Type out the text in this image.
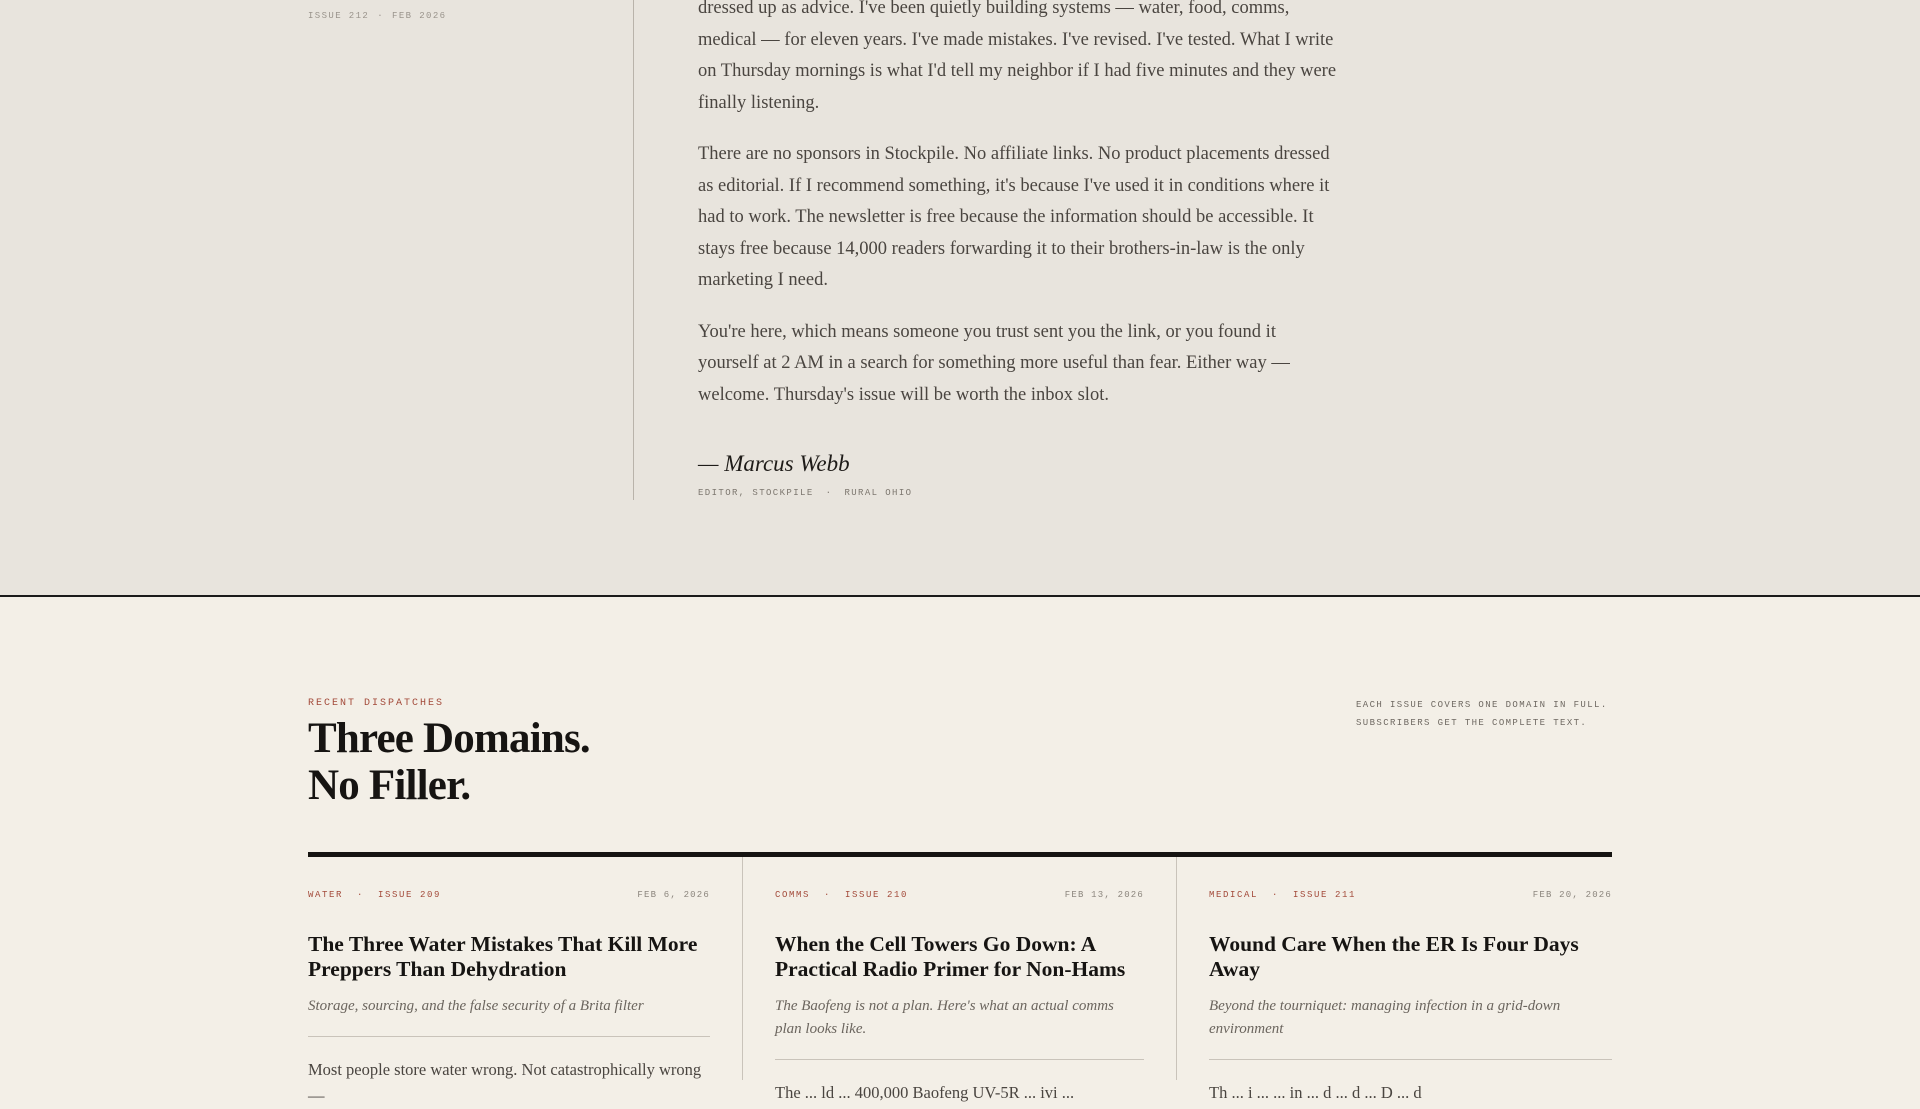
ISSUE 212 · FEB 2026	dressed up as advice. I've been quietly building systems — water, food, comms, medical — for eleven years. I've made mistakes. I've revised. I've tested. What I write on Thursday mornings is what I'd tell my neighbor if I had five minutes and they were finally listening.

There are no sponsors in Stockpile. No affiliate links. No product placements dressed as editorial. If I recommend something, it's because I've used it in conditions where it had to work. The newsletter is free because the information should be accessible. It stays free because 14,000 readers forwarding it to their brothers-in-law is the only marketing I need.

You're here, which means someone you trust sent you the link, or you found it yourself at 2 AM in a search for something more useful than fear. Either way — welcome. Thursday's issue will be worth the inbox slot.

— Marcus Webb
EDITOR, STOCKPILE · RURAL OHIO
RECENT DISPATCHES
Three Domains.
No Filler.
EACH ISSUE COVERS ONE DOMAIN IN FULL.
SUBSCRIBERS GET THE COMPLETE TEXT.
WATER · ISSUE 209	FEB 6, 2026
The Three Water Mistakes That Kill More Preppers Than Dehydration

Storage, sourcing, and the false security of a Brita filter

Most people store water wrong. Not catastrophically wrong —

COMMS · ISSUE 210	FEB 13, 2026
When the Cell Towers Go Down: A Practical Radio Primer for Non-Hams

The Baofeng is not a plan. Here's what an actual comms plan looks like.

The ... ld ... 400,000 Baofeng UV-5R ... ivi ...

MEDICAL · ISSUE 211	FEB 20, 2026
Wound Care When the ER Is Four Days Away

Beyond the tourniquet: managing infection in a grid-down environment

Th ... i ... ... in ... d ... d ... D ... d
